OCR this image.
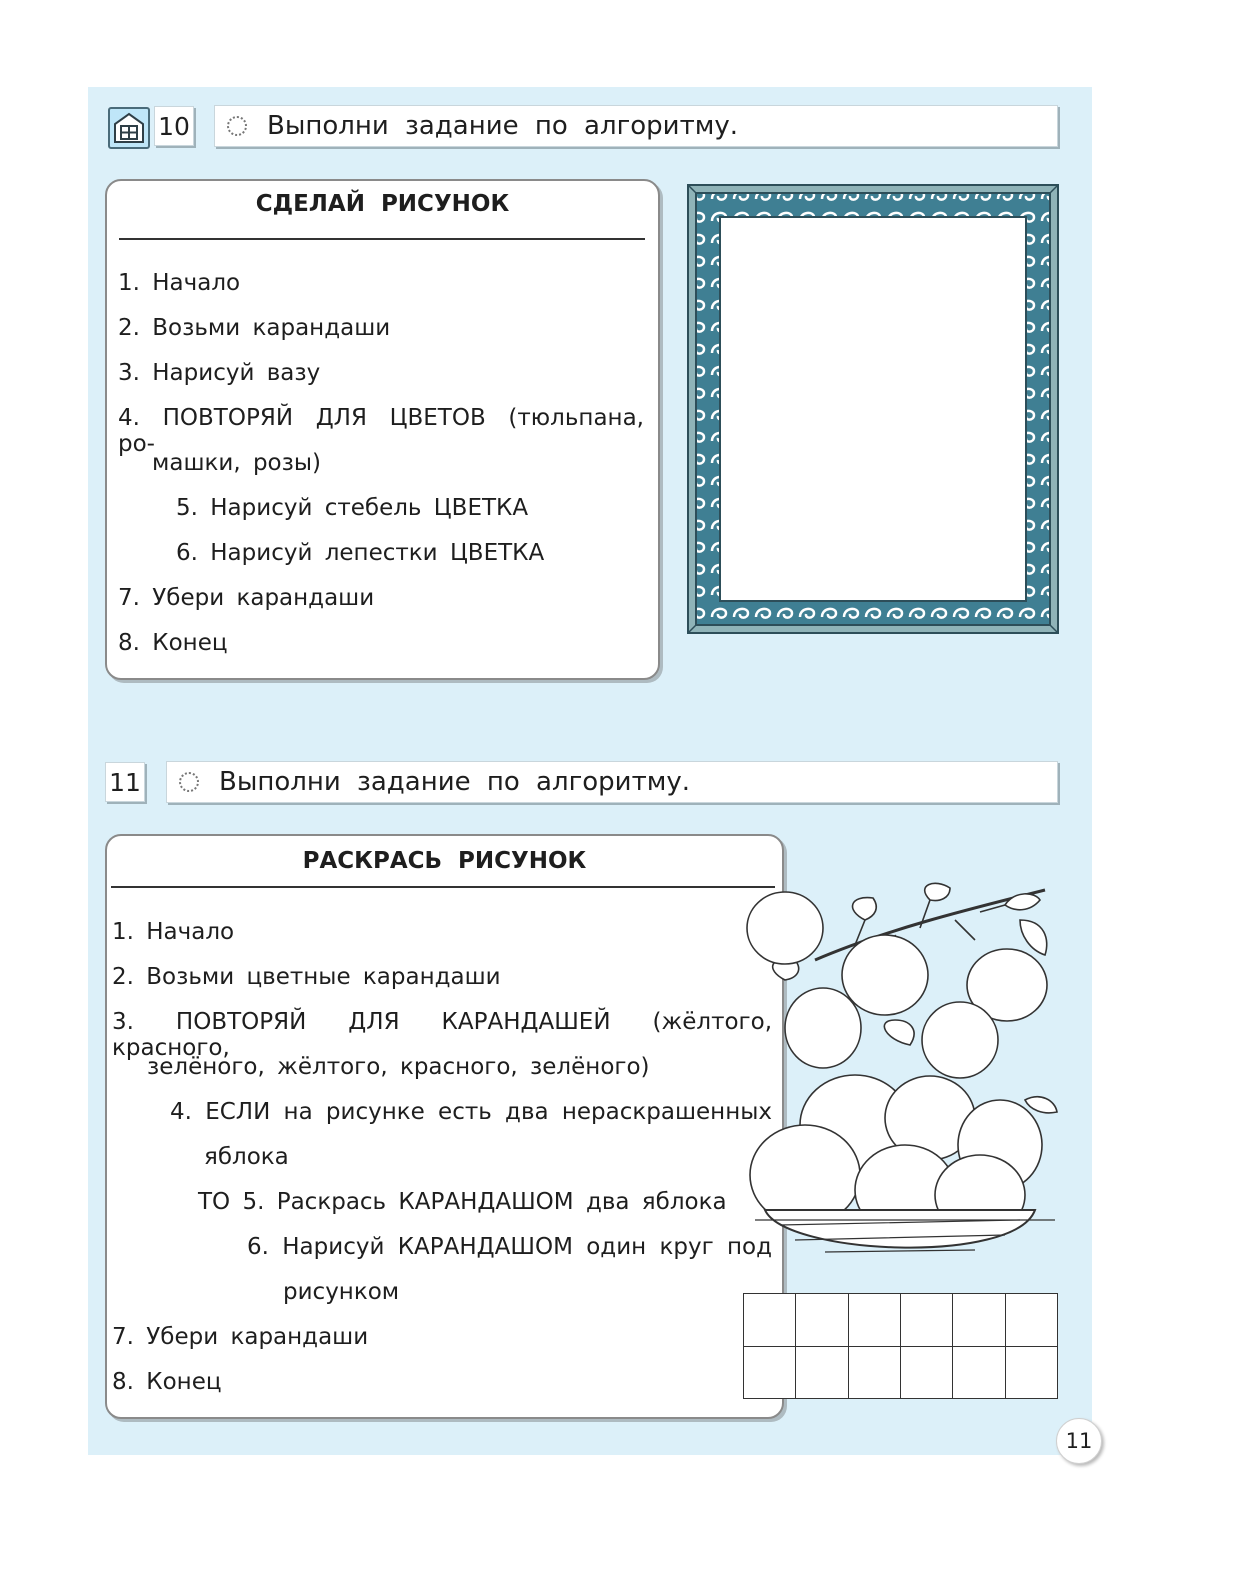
10	Выполни задание по алгоритму.
СДЕЛАЙ РИСУНОК
1. Начало
2. Возьми карандаши
3. Нарисуй вазу
4. ПОВТОРЯЙ ДЛЯ ЦВЕТОВ (тюльпана, ро-
машки, розы)
5. Нарисуй стебель ЦВЕТКА
6. Нарисуй лепестки ЦВЕТКА
7. Убери карандаши
8. Конец
11	Выполни задание по алгоритму.
РАСКРАСЬ РИСУНОК
1. Начало
2. Возьми цветные карандаши
3. ПОВТОРЯЙ ДЛЯ КАРАНДАШЕЙ (жёлтого, красного,
зелёного, жёлтого, красного, зелёного)
4. ЕСЛИ на рисунке есть два нераскрашенных
яблока
ТО 5. Раскрась КАРАНДАШОМ два яблока
6. Нарисуй КАРАНДАШОМ один круг под
рисунком
7. Убери карандаши
8. Конец

11
